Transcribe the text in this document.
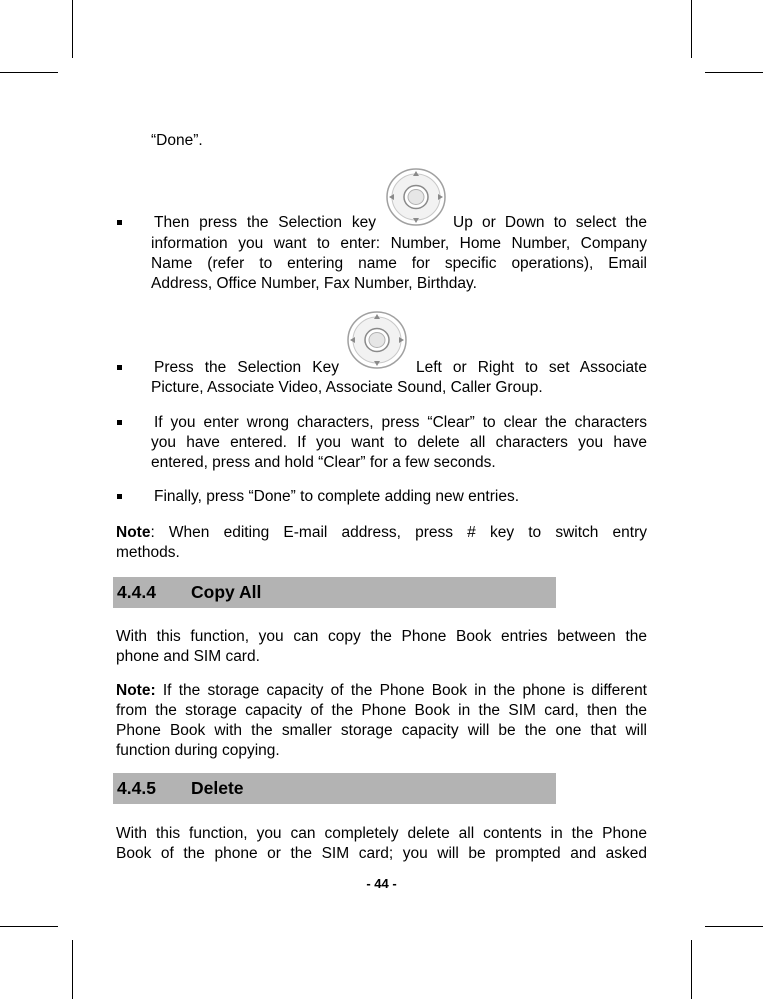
“Done”.
Then press the Selection key	Up or Down to select the
information you want to enter: Number, Home Number, Company
Name (refer to entering name for specific operations), Email
Address, Office Number, Fax Number, Birthday.
Press the Selection Key	Left or Right to set Associate
Picture, Associate Video, Associate Sound, Caller Group.
If you enter wrong characters, press “Clear” to clear the characters
you have entered. If you want to delete all characters you have
entered, press and hold “Clear” for a few seconds.
Finally, press “Done” to complete adding new entries.
Note: When editing E-mail address, press # key to switch entry
methods.
4.4.4 Copy All
With this function, you can copy the Phone Book entries between the
phone and SIM card.
Note: If the storage capacity of the Phone Book in the phone is different
from the storage capacity of the Phone Book in the SIM card, then the
Phone Book with the smaller storage capacity will be the one that will
function during copying.
4.4.5 Delete
With this function, you can completely delete all contents in the Phone
Book of the phone or the SIM card; you will be prompted and asked
- 44 -
